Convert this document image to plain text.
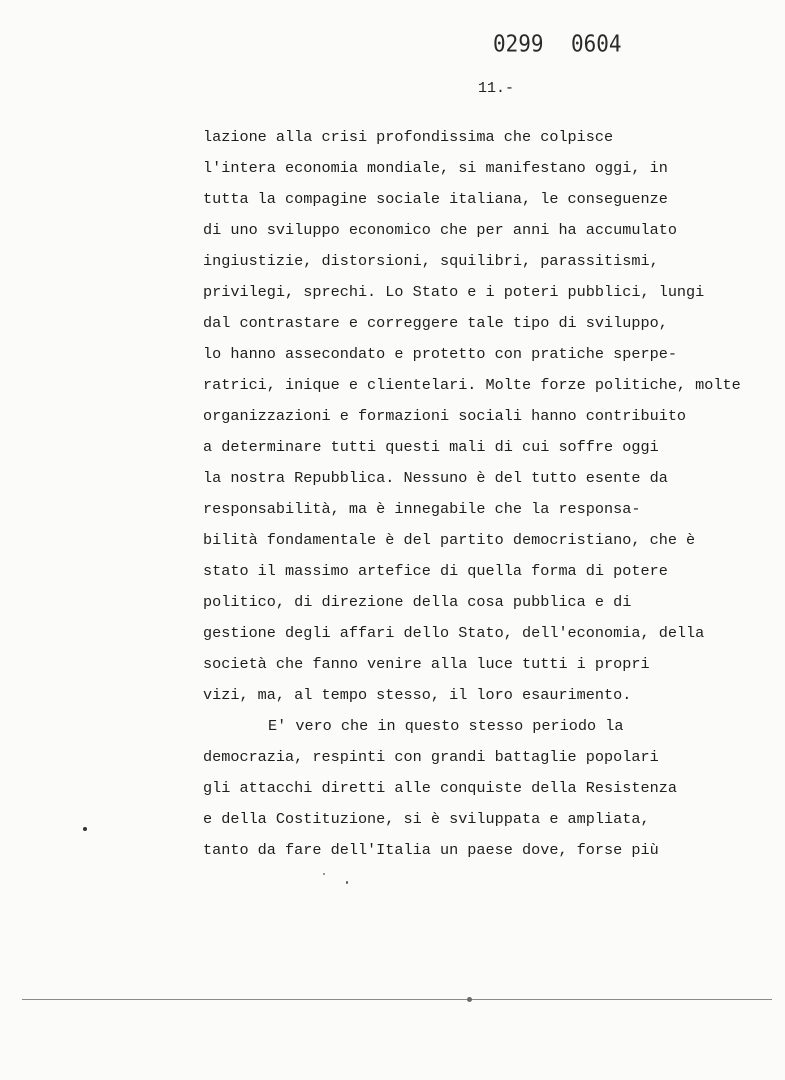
0299 0604
11.-
lazione alla crisi profondissima che colpisce
l'intera economia mondiale, si manifestano oggi, in
tutta la compagine sociale italiana, le conseguenze
di uno sviluppo economico che per anni ha accumulato
ingiustizie, distorsioni, squilibri, parassitismi,
privilegi, sprechi. Lo Stato e i poteri pubblici, lungi
dal contrastare e correggere tale tipo di sviluppo,
lo hanno assecondato e protetto con pratiche sperpe-
ratrici, inique e clientelari. Molte forze politiche, molte
organizzazioni e formazioni sociali hanno contribuito
a determinare tutti questi mali di cui soffre oggi
la nostra Repubblica. Nessuno è del tutto esente da
responsabilità, ma è innegabile che la responsa-
bilità fondamentale è del partito democristiano, che è
stato il massimo artefice di quella forma di potere
politico, di direzione della cosa pubblica e di
gestione degli affari dello Stato, dell'economia, della
società che fanno venire alla luce tutti i propri
vizi, ma, al tempo stesso, il loro esaurimento.
E' vero che in questo stesso periodo la
democrazia, respinti con grandi battaglie popolari
gli attacchi diretti alle conquiste della Resistenza
e della Costituzione, si è sviluppata e ampliata,
tanto da fare dell'Italia un paese dove, forse più
